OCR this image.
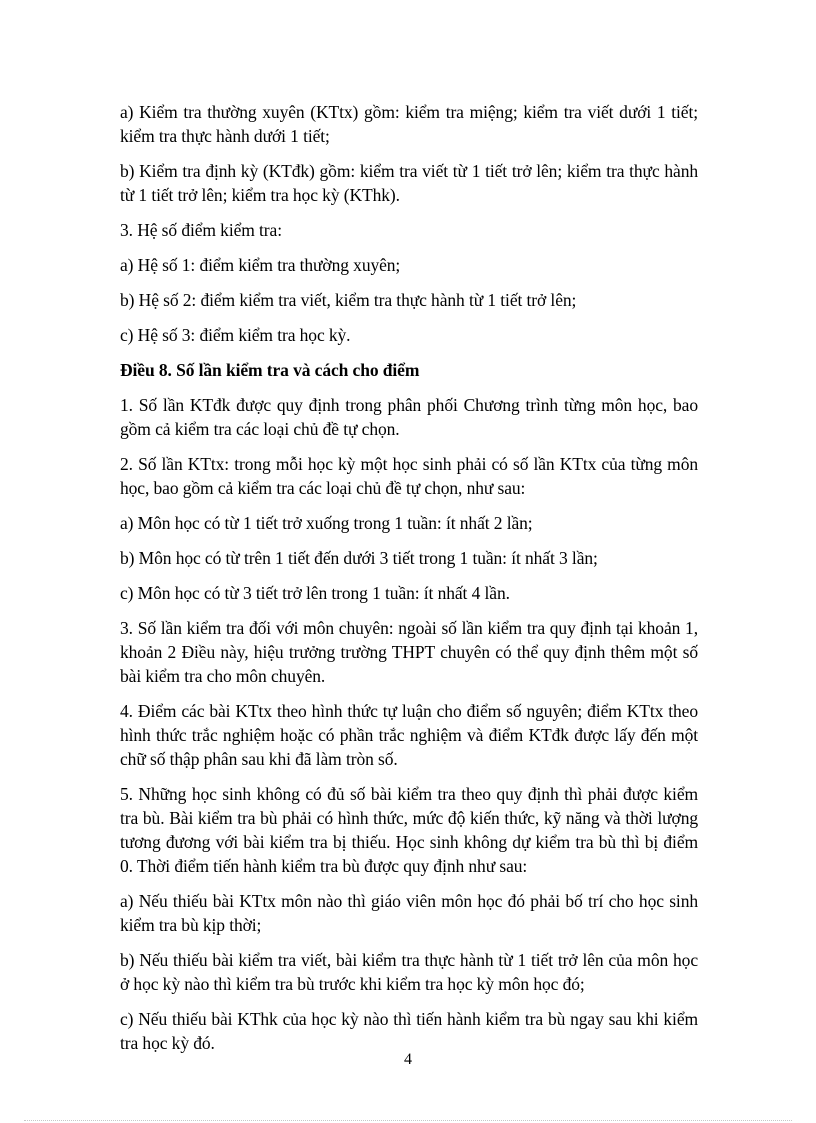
a) Kiểm tra thường xuyên (KTtx) gồm: kiểm tra miệng; kiểm tra viết dưới 1 tiết; kiểm tra thực hành dưới 1 tiết;

b) Kiểm tra định kỳ (KTđk) gồm: kiểm tra viết từ 1 tiết trở lên; kiểm tra thực hành từ 1 tiết trở lên; kiểm tra học kỳ (KThk).

3. Hệ số điểm kiểm tra:

a) Hệ số 1: điểm kiểm tra thường xuyên;

b) Hệ số 2: điểm kiểm tra viết, kiểm tra thực hành từ 1 tiết trở lên;

c) Hệ số 3: điểm kiểm tra học kỳ.

Điều 8. Số lần kiểm tra và cách cho điểm

1. Số lần KTđk được quy định trong phân phối Chương trình từng môn học, bao gồm cả kiểm tra các loại chủ đề tự chọn.

2. Số lần KTtx: trong mỗi học kỳ một học sinh phải có số lần KTtx của từng môn học, bao gồm cả kiểm tra các loại chủ đề tự chọn, như sau:

a) Môn học có từ 1 tiết trở xuống trong 1 tuần: ít nhất 2 lần;

b) Môn học có từ trên 1 tiết đến dưới 3 tiết trong 1 tuần: ít nhất 3 lần;

c) Môn học có từ 3 tiết trở lên trong 1 tuần: ít nhất 4 lần.

3. Số lần kiểm tra đối với môn chuyên: ngoài số lần kiểm tra quy định tại khoản 1, khoản 2 Điều này, hiệu trưởng trường THPT chuyên có thể quy định thêm một số bài kiểm tra cho môn chuyên.

4. Điểm các bài KTtx theo hình thức tự luận cho điểm số nguyên; điểm KTtx theo hình thức trắc nghiệm hoặc có phần trắc nghiệm và điểm KTđk được lấy đến một chữ số thập phân sau khi đã làm tròn số.

5. Những học sinh không có đủ số bài kiểm tra theo quy định thì phải được kiểm tra bù. Bài kiểm tra bù phải có hình thức, mức độ kiến thức, kỹ năng và thời lượng tương đương với bài kiểm tra bị thiếu. Học sinh không dự kiểm tra bù thì bị điểm 0. Thời điểm tiến hành kiểm tra bù được quy định như sau:

a) Nếu thiếu bài KTtx môn nào thì giáo viên môn học đó phải bố trí cho học sinh kiểm tra bù kịp thời;

b) Nếu thiếu bài kiểm tra viết, bài kiểm tra thực hành từ 1 tiết trở lên của môn học ở học kỳ nào thì kiểm tra bù trước khi kiểm tra học kỳ môn học đó;

c) Nếu thiếu bài KThk của học kỳ nào thì tiến hành kiểm tra bù ngay sau khi kiểm tra học kỳ đó.

4
